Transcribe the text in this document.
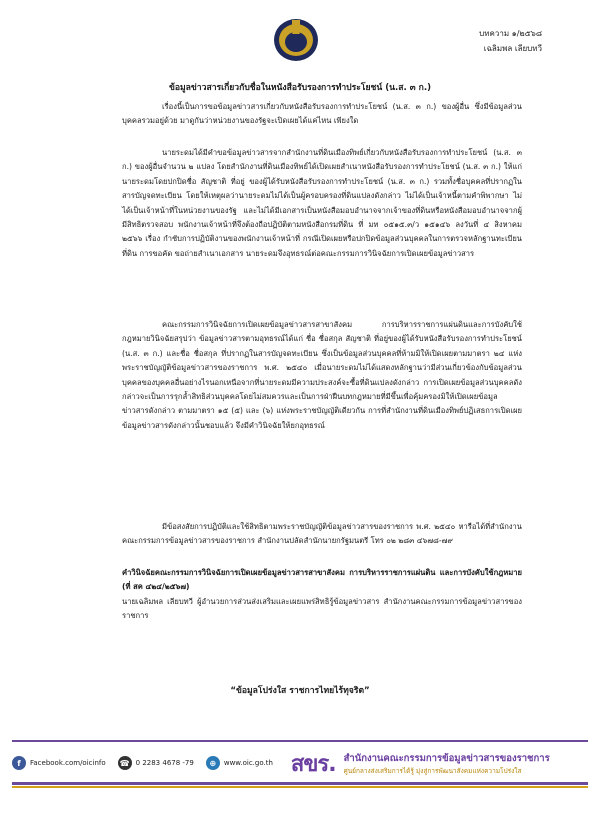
บทความ ๑/๒๕๖๘
เฉลิมพล เลียบทวี
ข้อมูลข่าวสารเกี่ยวกับชื่อในหนังสือรับรองการทำประโยชน์ (น.ส. ๓ ก.)

เรื่องนี้เป็นการขอข้อมูลข่าวสารเกี่ยวกับหนังสือรับรองการทำประโยชน์ (น.ส. ๓ ก.) ของผู้อื่น ซึ่งมีข้อมูลส่วนบุคคลรวมอยู่ด้วย มาดูกันว่าหน่วยงานของรัฐจะเปิดเผยได้แค่ไหน เพียงใด

นายระดมได้มีคำขอข้อมูลข่าวสารจากสำนักงานที่ดินเมืองทิพย์เกี่ยวกับหนังสือรับรองการทำประโยชน์ (น.ส. ๓ ก.) ของผู้อื่นจำนวน ๒ แปลง โดยสำนักงานที่ดินเมืองทิพย์ได้เปิดเผยสำเนาหนังสือรับรองการทำประโยชน์ (น.ส. ๓ ก.) ให้แก่นายระดมโดยปกปิดชื่อ สัญชาติ ที่อยู่ ของผู้ได้รับหนังสือรับรองการทำประโยชน์ (น.ส. ๓ ก.) รวมทั้งชื่อบุคคลที่ปรากฏในสารบัญจดทะเบียน โดยให้เหตุผลว่านายระดมไม่ได้เป็นผู้ครอบครองที่ดินแปลงดังกล่าว ไม่ได้เป็นเจ้าหนี้ตามคำพิพากษา ไม่ได้เป็นเจ้าหน้าที่ในหน่วยงานของรัฐ และไม่ได้มีเอกสารเป็นหนังสือมอบอำนาจจากเจ้าของที่ดินหรือหนังสือมอบอำนาจจากผู้มีสิทธิตรวจสอบ พนักงานเจ้าหน้าที่จึงต้องถือปฏิบัติตามหนังสือกรมที่ดิน ที่ มท ๐๕๑๕.๓/ว ๑๕๑๔๖ ลงวันที่ ๔ สิงหาคม ๒๕๖๖ เรื่อง กำชับการปฏิบัติงานของพนักงานเจ้าหน้าที่ กรณีเปิดเผยหรือปกปิดข้อมูลส่วนบุคคลในการตรวจหลักฐานทะเบียนที่ดิน การขอคัด ขอถ่ายสำเนาเอกสาร นายระดมจึงอุทธรณ์ต่อคณะกรรมการวินิจฉัยการเปิดเผยข้อมูลข่าวสาร

คณะกรรมการวินิจฉัยการเปิดเผยข้อมูลข่าวสารสาขาสังคม การบริหารราชการแผ่นดินและการบังคับใช้กฎหมายวินิจฉัยสรุปว่า ข้อมูลข่าวสารตามอุทธรณ์ได้แก่ ชื่อ ชื่อสกุล สัญชาติ ที่อยู่ของผู้ได้รับหนังสือรับรองการทำประโยชน์ (น.ส. ๓ ก.) และชื่อ ชื่อสกุล ที่ปรากฏในสารบัญจดทะเบียน ซึ่งเป็นข้อมูลส่วนบุคคลที่ห้ามมิให้เปิดเผยตามมาตรา ๒๔ แห่งพระราชบัญญัติข้อมูลข่าวสารของราชการ พ.ศ. ๒๕๔๐ เมื่อนายระดมไม่ได้แสดงหลักฐานว่ามีส่วนเกี่ยวข้องกับข้อมูลส่วนบุคคลของบุคคลอื่นอย่างไรนอกเหนือจากที่นายระดมมีความประสงค์จะซื้อที่ดินแปลงดังกล่าว การเปิดเผยข้อมูลส่วนบุคคลดังกล่าวจะเป็นการรุกล้ำสิทธิส่วนบุคคลโดยไม่สมควรและเป็นการฝ่าฝืนบทกฎหมายที่มีขึ้นเพื่อคุ้มครองมิให้เปิดเผยข้อมูลข่าวสารดังกล่าว ตามมาตรา ๑๕ (๕) และ (๖) แห่งพระราชบัญญัติเดียวกัน การที่สำนักงานที่ดินเมืองทิพย์ปฏิเสธการเปิดเผยข้อมูลข่าวสารดังกล่าวนั้นชอบแล้ว จึงมีคำวินิจฉัยให้ยกอุทธรณ์

มีข้อสงสัยการปฏิบัติและใช้สิทธิตามพระราชบัญญัติข้อมูลข่าวสารของราชการ พ.ศ. ๒๕๔๐ หารือได้ที่สำนักงานคณะกรรมการข้อมูลข่าวสารของราชการ สำนักงานปลัดสำนักนายกรัฐมนตรี โทร ๐๒ ๒๘๓ ๔๖๗๘-๗๙

คำวินิจฉัยคณะกรรมการวินิจฉัยการเปิดเผยข้อมูลข่าวสารสาขาสังคม การบริหารราชการแผ่นดิน และการบังคับใช้กฎหมาย (ที่ สค ๔๒๔/๒๕๖๗)

นายเฉลิมพล เลียบทวี ผู้อำนวยการส่วนส่งเสริมและเผยแพร่สิทธิรู้ข้อมูลข่าวสาร สำนักงานคณะกรรมการข้อมูลข่าวสารของราชการ

“ข้อมูลโปร่งใส ราชการไทยไร้ทุจริต”
f	Facebook.com/oicinfo ☎ 0 2283 4678 -79	⊕	www.oic.go.th สขร. สำนักงานคณะกรรมการข้อมูลข่าวสารของราชการ
ศูนย์กลางส่งเสริมการได้รู้ มุ่งสู่การพัฒนาสังคมแห่งความโปร่งใส
